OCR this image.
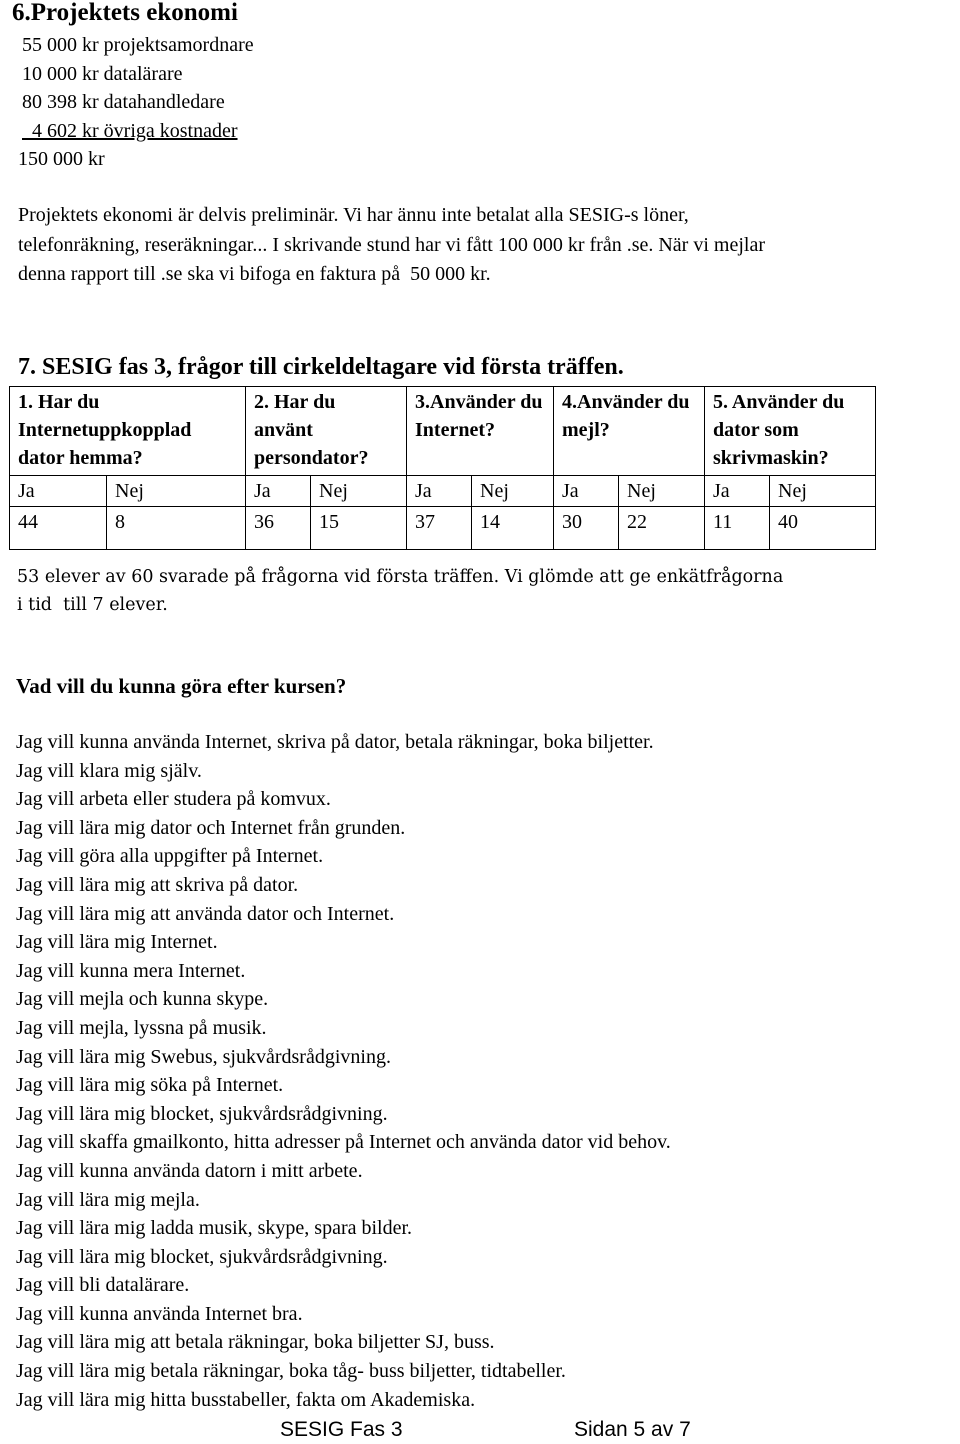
6.Projektets ekonomi
55 000 kr projektsamordnare
10 000 kr datalärare
80 398 kr datahandledare
4 602 kr övriga kostnader
150 000 kr
Projektets ekonomi är delvis preliminär. Vi har ännu inte betalat alla SESIG-s löner,
telefonräkning, reseräkningar... I skrivande stund har vi fått 100 000 kr från .se. När vi mejlar
denna rapport till .se ska vi bifoga en faktura på  50 000 kr.
7. SESIG fas 3, frågor till cirkeldeltagare vid första träffen.
1. Har du Internetuppkopplad dator hemma?		2. Har du använt persondator?		3.Använder du Internet?		4.Använder du mejl?		5. Använder du dator som skrivmaskin?	
Ja	Nej	Ja	Nej	Ja	Nej	Ja	Nej	Ja	Nej
44	8	36	15	37	14	30	22	11	40
53 elever av 60 svarade på frågorna vid första träffen. Vi glömde att ge enkätfrågorna
i tid  till 7 elever.
Vad vill du kunna göra efter kursen?
Jag vill kunna använda Internet, skriva på dator, betala räkningar, boka biljetter.
Jag vill klara mig själv.
Jag vill arbeta eller studera på komvux.
Jag vill lära mig dator och Internet från grunden.
Jag vill göra alla uppgifter på Internet.
Jag vill lära mig att skriva på dator.
Jag vill lära mig att använda dator och Internet.
Jag vill lära mig Internet.
Jag vill kunna mera Internet.
Jag vill mejla och kunna skype.
Jag vill mejla, lyssna på musik.
Jag vill lära mig Swebus, sjukvårdsrådgivning.
Jag vill lära mig söka på Internet.
Jag vill lära mig blocket, sjukvårdsrådgivning.
Jag vill skaffa gmailkonto, hitta adresser på Internet och använda dator vid behov.
Jag vill kunna använda datorn i mitt arbete.
Jag vill lära mig mejla.
Jag vill lära mig ladda musik, skype, spara bilder.
Jag vill lära mig blocket, sjukvårdsrådgivning.
Jag vill bli datalärare.
Jag vill kunna använda Internet bra.
Jag vill lära mig att betala räkningar, boka biljetter SJ, buss.
Jag vill lära mig betala räkningar, boka tåg- buss biljetter, tidtabeller.
Jag vill lära mig hitta busstabeller, fakta om Akademiska.
SESIG Fas 3	Sidan 5 av 7
